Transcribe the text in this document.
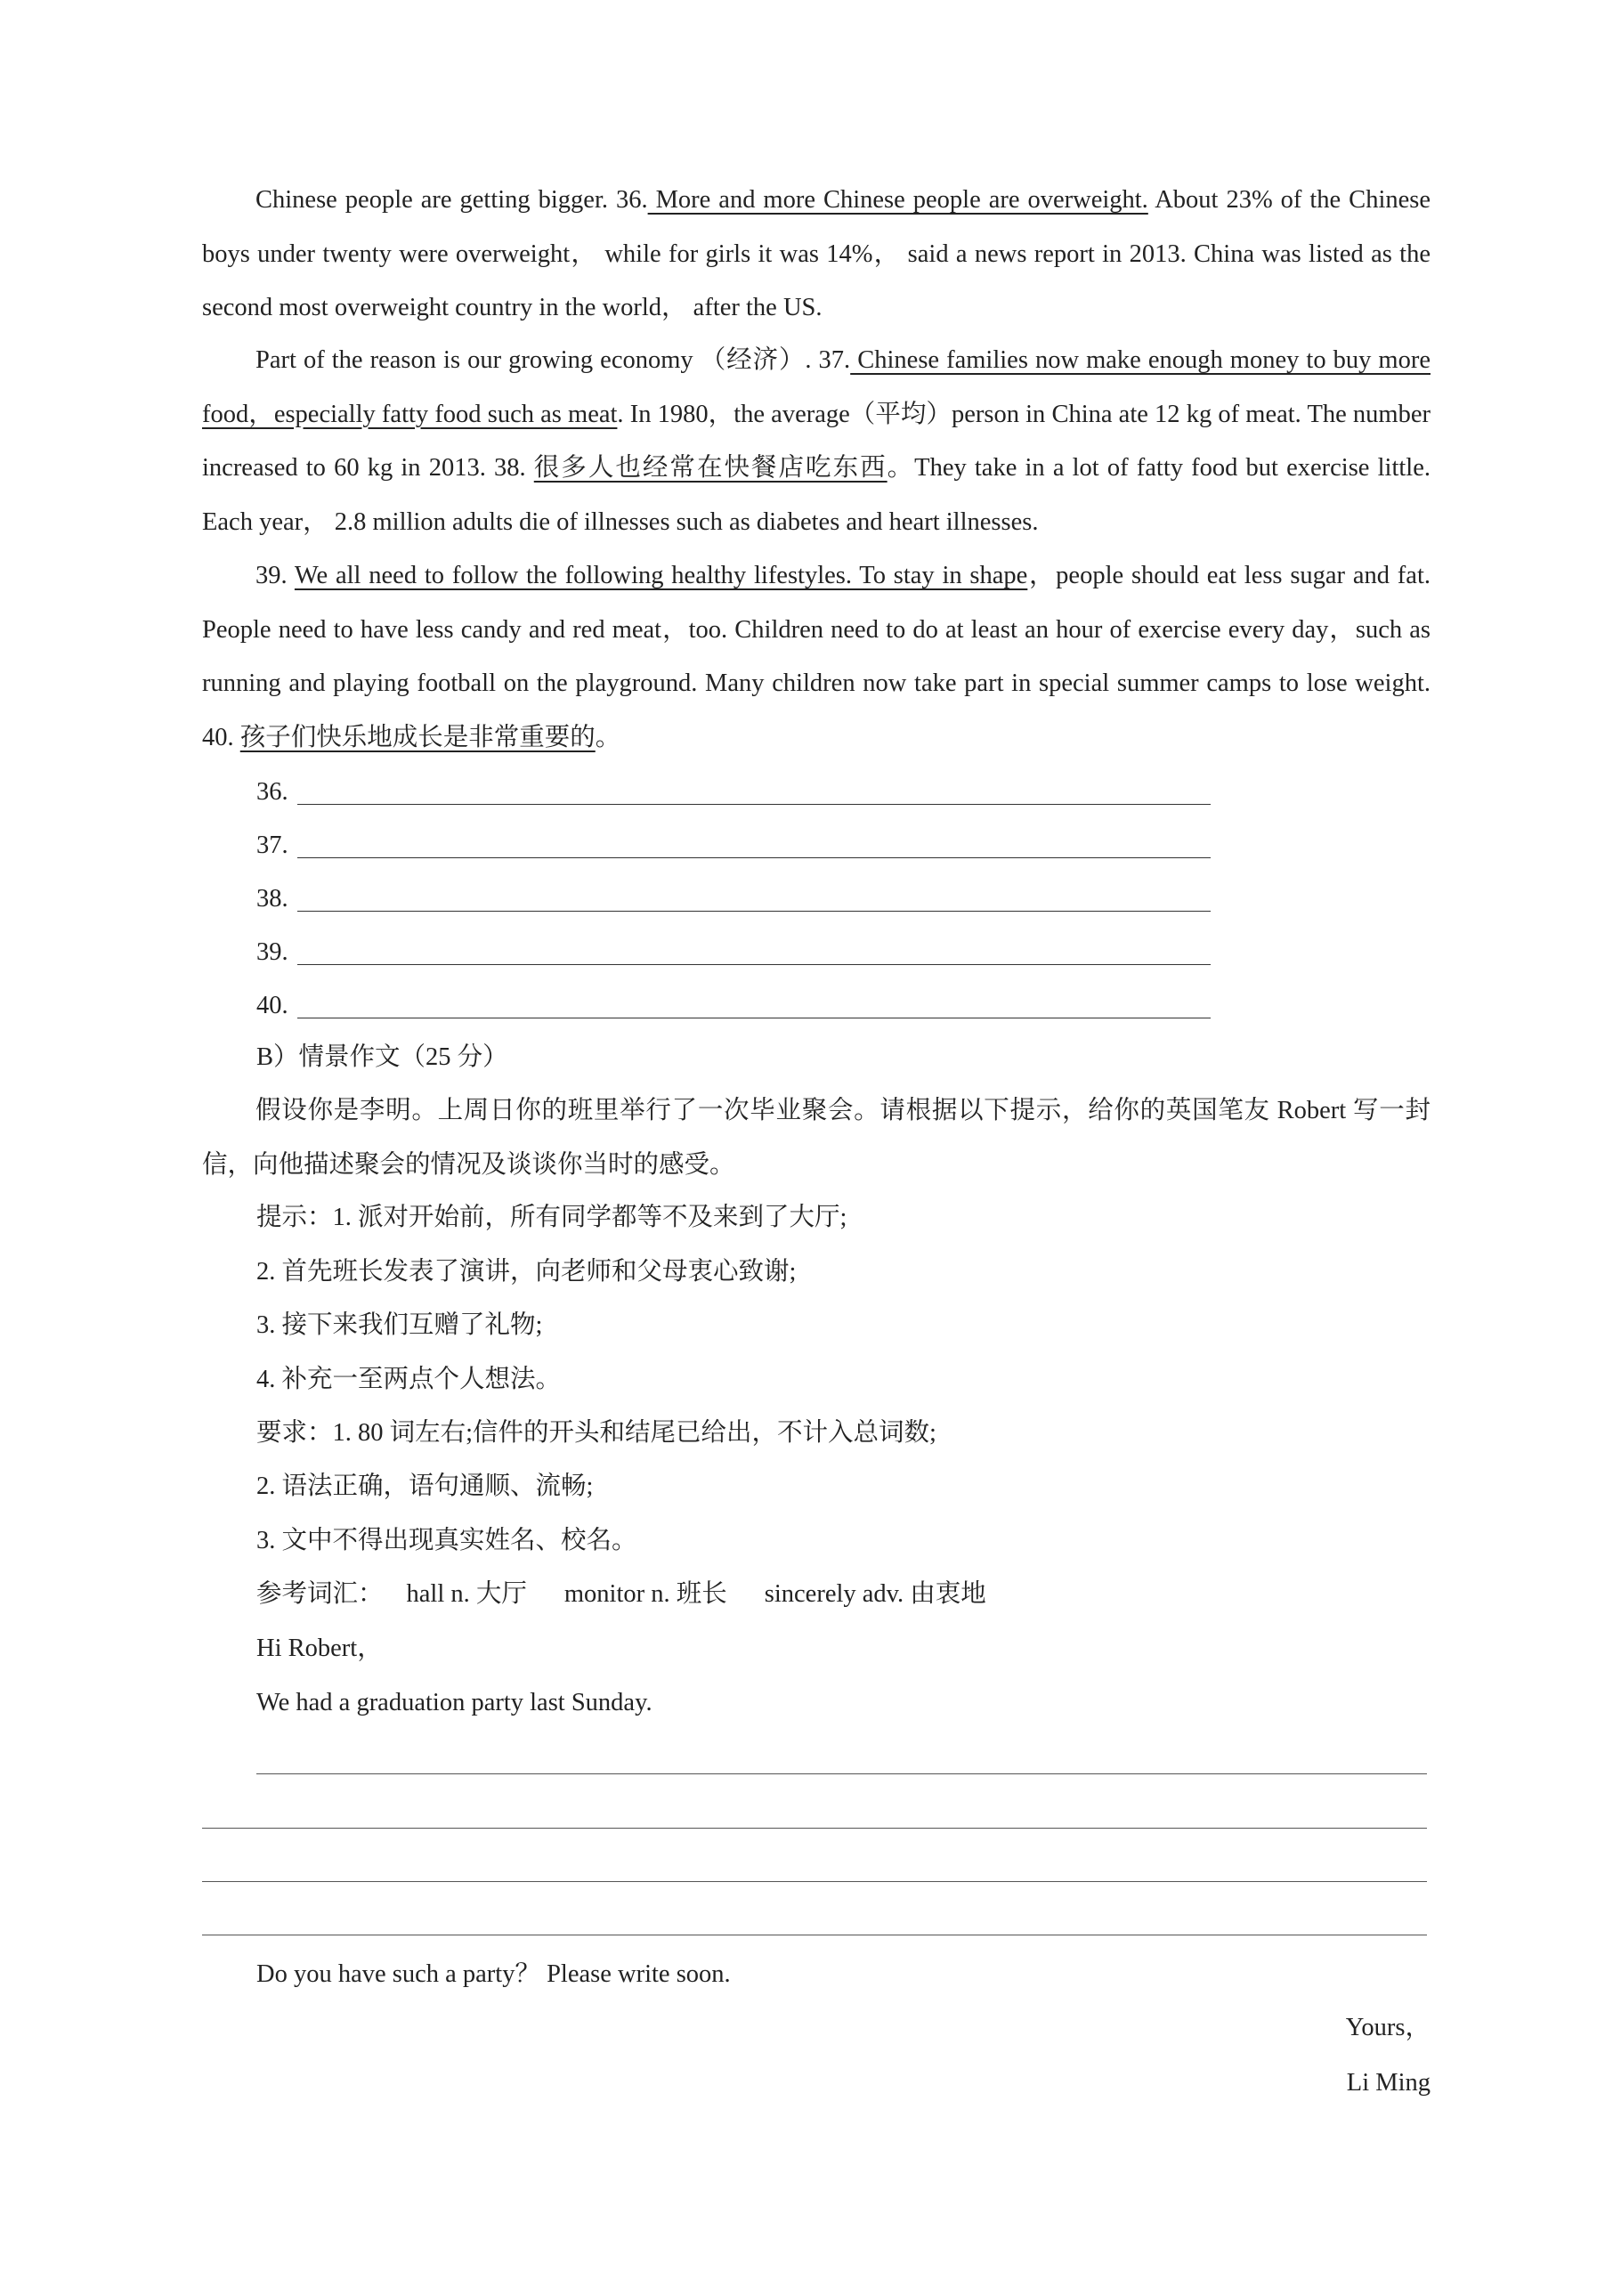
Chinese people are getting bigger. 36. More and more Chinese people are overweight. About 23% of the Chinese boys under twenty were overweight， while for girls it was 14%， said a news report in 2013. China was listed as the second most overweight country in the world， after the US.

Part of the reason is our growing economy （经济）. 37. Chinese families now make enough money to buy more food，especially fatty food such as meat. In 1980，the average（平均）person in China ate 12 kg of meat. The number increased to 60 kg in 2013. 38. 很多人也经常在快餐店吃东西。They take in a lot of fatty food but exercise little. Each year， 2.8 million adults die of illnesses such as diabetes and heart illnesses.

39. We all need to follow the following healthy lifestyles. To stay in shape，people should eat less sugar and fat. People need to have less candy and red meat，too. Children need to do at least an hour of exercise every day，such as running and playing football on the playground. Many children now take part in special summer camps to lose weight. 40. 孩子们快乐地成长是非常重要的。

36.
37.
38.
39.
40.
B）情景作文（25 分）

假设你是李明。上周日你的班里举行了一次毕业聚会。请根据以下提示，给你的英国笔友 Robert 写一封信，向他描述聚会的情况及谈谈你当时的感受。

提示：1. 派对开始前，所有同学都等不及来到了大厅;
2. 首先班长发表了演讲，向老师和父母衷心致谢;
3. 接下来我们互赠了礼物;
4. 补充一至两点个人想法。
要求：1. 80 词左右;信件的开头和结尾已给出，不计入总词数;
2. 语法正确，语句通顺、流畅;
3. 文中不得出现真实姓名、校名。
参考词汇： hall n. 大厅 monitor n. 班长 sincerely adv. 由衷地
Hi Robert，
We had a graduation party last Sunday.
Do you have such a party？ Please write soon.
Yours，
Li Ming
